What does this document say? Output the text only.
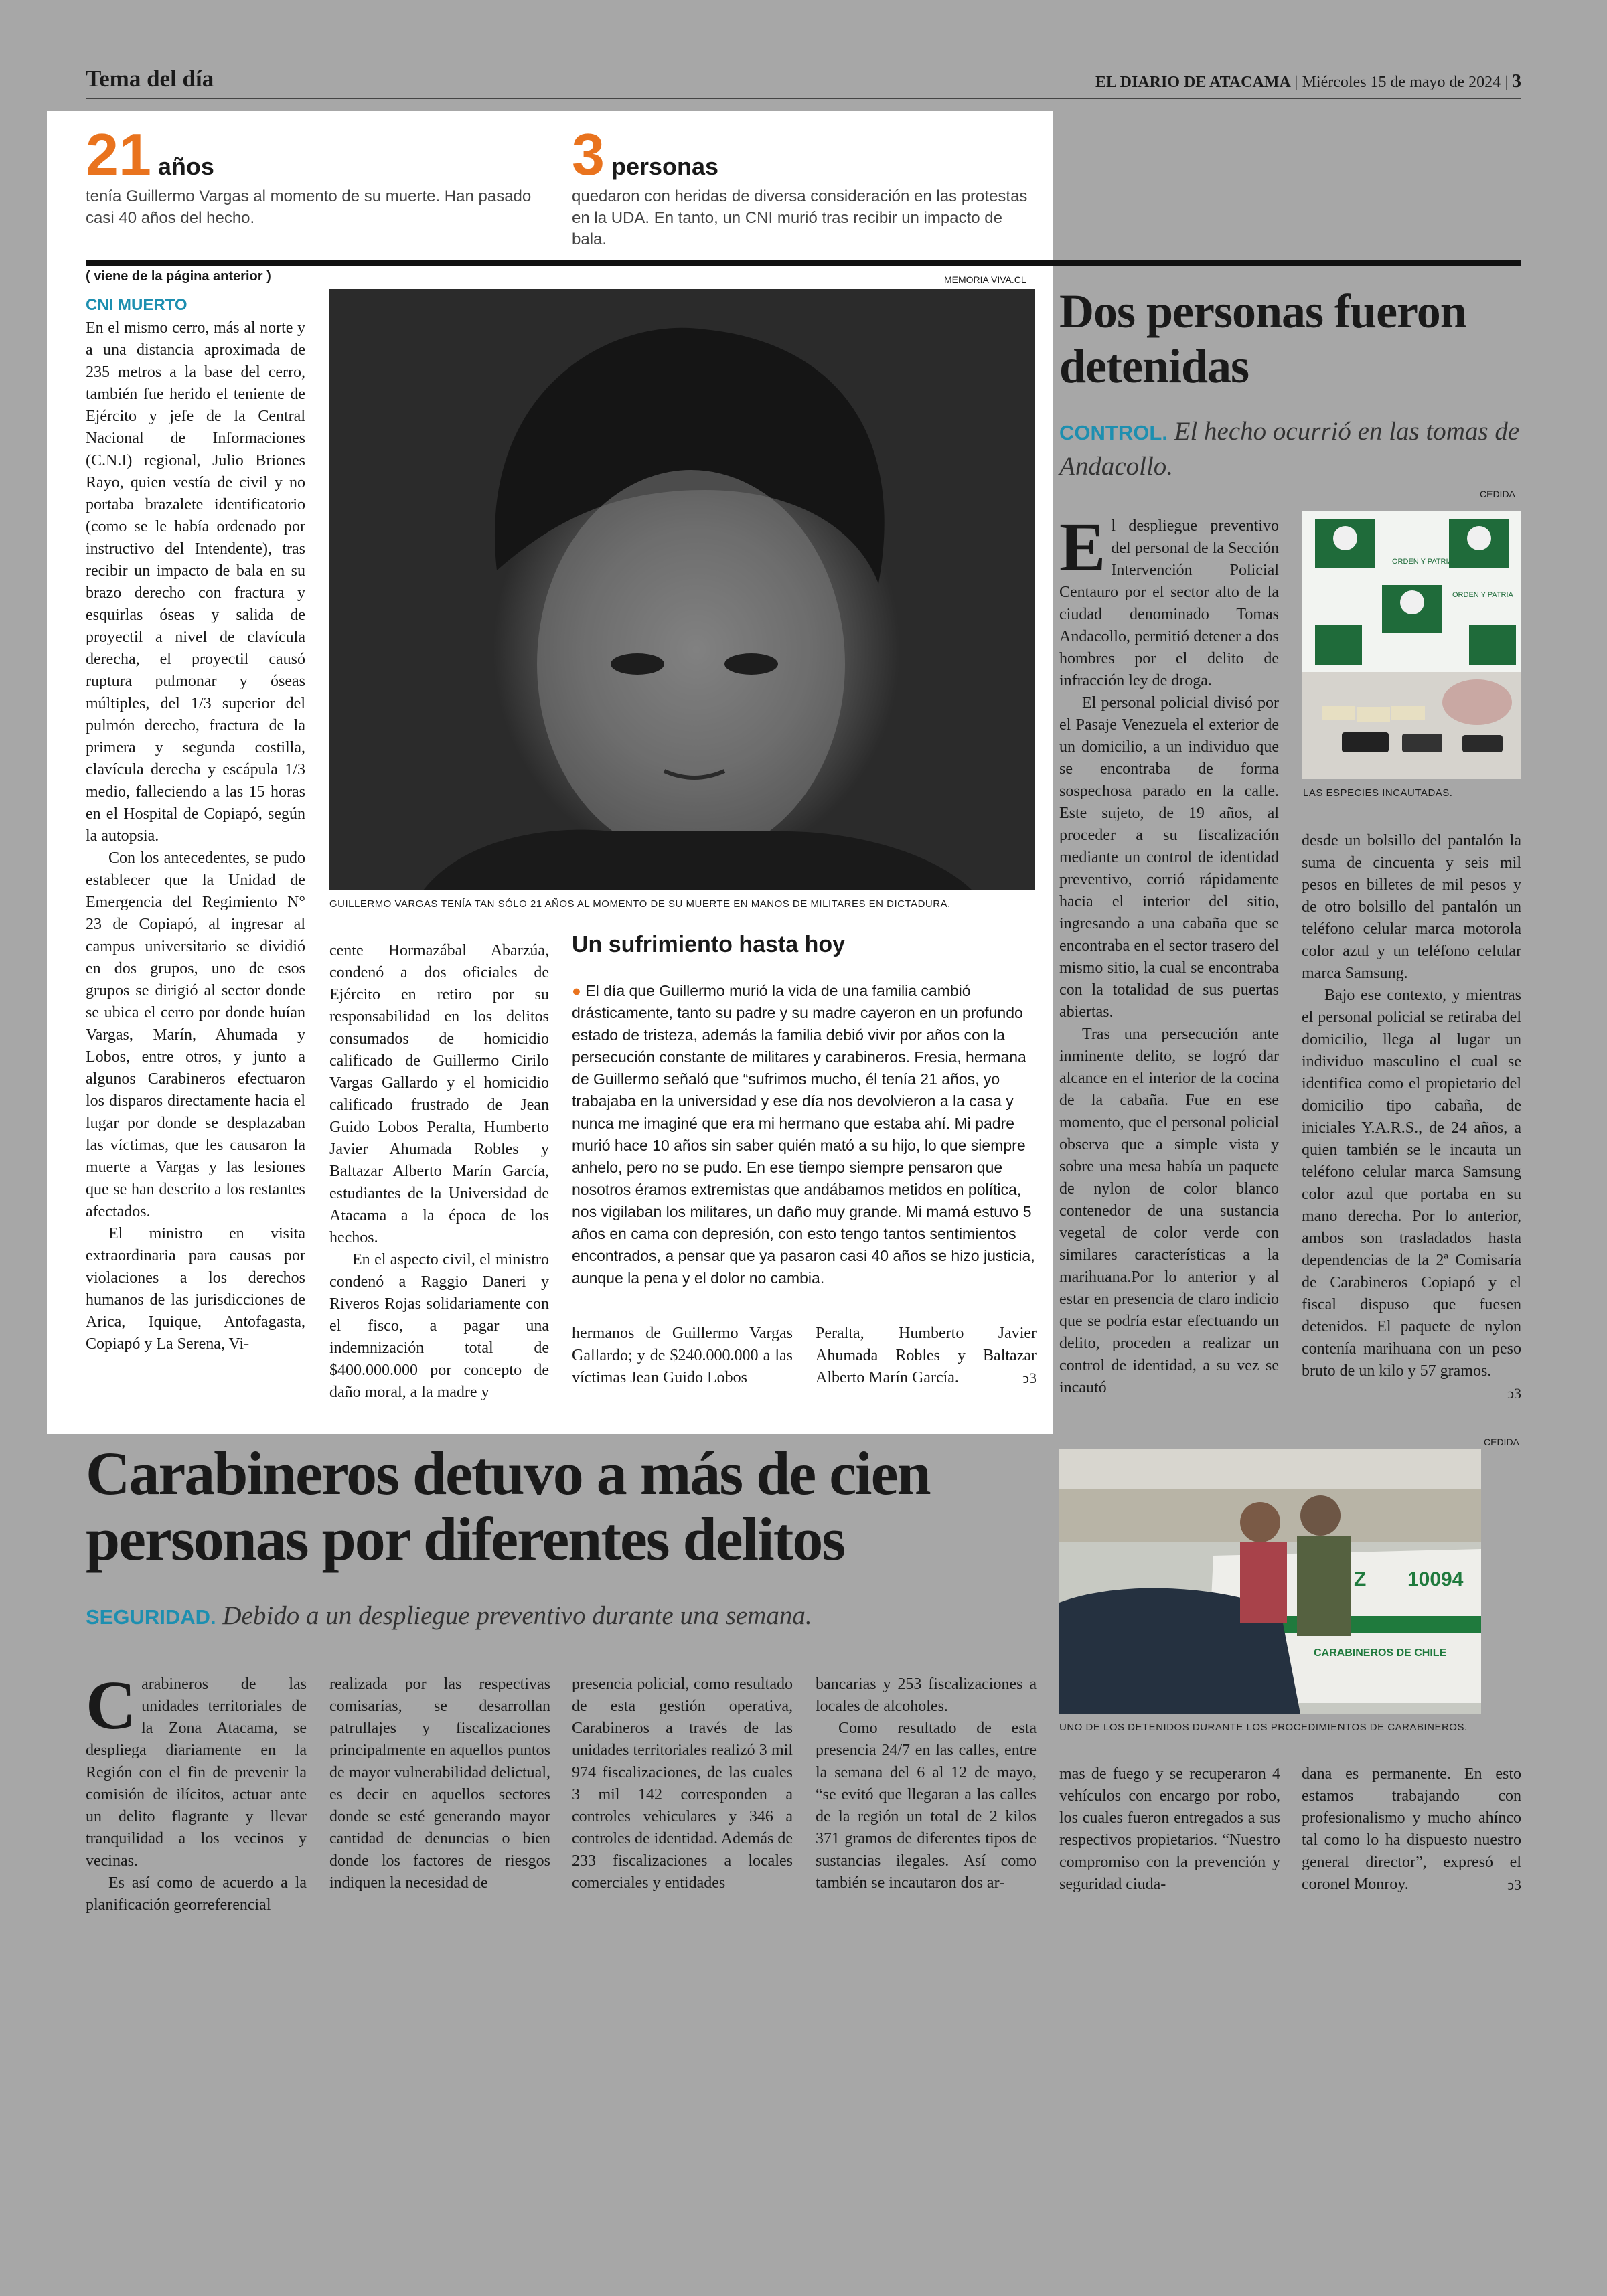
Tema del día	EL DIARIO DE ATACAMA | Miércoles 15 de mayo de 2024 | 3
21 años
tenía Guillermo Vargas al momento de su muerte. Han pasado casi 40 años del hecho.
3 personas
quedaron con heridas de diversa consideración en las protestas en la UDA. En tanto, un CNI murió tras recibir un impacto de bala.
( viene de la página anterior )
CNI MUERTO

En el mismo cerro, más al norte y a una distancia aproximada de 235 metros a la base del cerro, también fue herido el teniente de Ejército y jefe de la Central Nacional de Informaciones (C.N.I) regional, Julio Briones Rayo, quien vestía de civil y no portaba brazalete identificatorio (como se le había ordenado por instructivo del Intendente), tras recibir un impacto de bala en su brazo derecho con fractura y esquirlas óseas y salida de proyectil a nivel de clavícula derecha, el proyectil causó ruptura pulmonar y óseas múltiples, del 1/3 superior del pulmón derecho, fractura de la primera y segunda costilla, clavícula derecha y escápula 1/3 medio, falleciendo a las 15 horas en el Hospital de Copiapó, según la autopsia.

Con los antecedentes, se pudo establecer que la Unidad de Emergencia del Regimiento N° 23 de Copiapó, al ingresar al campus universitario se dividió en dos grupos, uno de esos grupos se dirigió al sector donde se ubica el cerro por donde huían Vargas, Marín, Ahumada y Lobos, entre otros, y junto a algunos Carabineros efectuaron los disparos directamente hacia el lugar por donde se desplazaban las víctimas, que les causaron la muerte a Vargas y las lesiones que se han descrito a los restantes afectados.

El ministro en visita extraordinaria para causas por violaciones a los derechos humanos de las jurisdicciones de Arica, Iquique, Antofagasta, Copiapó y La Serena, Vi-

MEMORIA VIVA.CL
GUILLERMO VARGAS TENÍA TAN SÓLO 21 AÑOS AL MOMENTO DE SU MUERTE EN MANOS DE MILITARES EN DICTADURA.

cente Hormazábal Abarzúa, condenó a dos oficiales de Ejército en retiro por su responsabilidad en los delitos consumados de homicidio calificado de Guillermo Cirilo Vargas Gallardo y el homicidio calificado frustrado de Jean Guido Lobos Peralta, Humberto Javier Ahumada Robles y Baltazar Alberto Marín García, estudiantes de la Universidad de Atacama a la época de los hechos.

En el aspecto civil, el ministro condenó a Raggio Daneri y Riveros Rojas solidariamente con el fisco, a pagar una indemnización total de $400.000.000 por concepto de daño moral, a la madre y

Un sufrimiento hasta hoy
● El día que Guillermo murió la vida de una familia cambió drásticamente, tanto su padre y su madre cayeron en un profundo estado de tristeza, además la familia debió vivir por años con la persecución constante de militares y carabineros. Fresia, hermana de Guillermo señaló que “sufrimos mucho, él tenía 21 años, yo trabajaba en la universidad y ese día nos devolvieron a la casa y nunca me imaginé que era mi hermano que estaba ahí. Mi padre murió hace 10 años sin saber quién mató a su hijo, lo que siempre anhelo, pero no se pudo. En ese tiempo siempre pensaron que nosotros éramos extremistas que andábamos metidos en política, nos vigilaban los militares, un daño muy grande. Mi mamá estuvo 5 años en cama con depresión, con esto tengo tantos sentimientos encontrados, a pensar que ya pasaron casi 40 años se hizo justicia, aunque la pena y el dolor no cambia.

hermanos de Guillermo Vargas Gallardo; y de $240.000.000 a las víctimas Jean Guido Lobos

Peralta, Humberto Javier Ahumada Robles y Baltazar Alberto Marín García.	ↄ3

Dos personas fueron detenidas
CONTROL. El hecho ocurrió en las tomas de Andacollo.
CEDIDA
ORDEN Y PATRIA
ORDEN Y PATRIA
LAS ESPECIES INCAUTADAS.

El despliegue preventivo del personal de la Sección Intervención Policial Centauro por el sector alto de la ciudad denominado Tomas Andacollo, permitió detener a dos hombres por el delito de infracción ley de droga.

El personal policial divisó por el Pasaje Venezuela el exterior de un domicilio, a un individuo que se encontraba de forma sospechosa parado en la calle. Este sujeto, de 19 años, al proceder a su fiscalización mediante un control de identidad preventivo, corrió rápidamente hacia el interior del sitio, ingresando a una cabaña que se encontraba en el sector trasero del mismo sitio, la cual se encontraba con la totalidad de sus puertas abiertas.

Tras una persecución ante inminente delito, se logró dar alcance en el interior de la cocina de la cabaña. Fue en ese momento, que el personal policial observa que a simple vista y sobre una mesa había un paquete de nylon de color blanco contenedor de una sustancia vegetal de color verde con similares características a la marihuana.Por lo anterior y al estar en presencia de claro indicio que se podría estar efectuando un delito, proceden a realizar un control de identidad, a su vez se incautó

desde un bolsillo del pantalón la suma de cincuenta y seis mil pesos en billetes de mil pesos y de otro bolsillo del pantalón un teléfono celular marca motorola color azul y un teléfono celular marca Samsung.

Bajo ese contexto, y mientras el personal policial se retiraba del domicilio, llega al lugar un individuo masculino el cual se identifica como el propietario del domicilio tipo cabaña, de iniciales Y.A.R.S., de 24 años, a quien también se le incauta un teléfono celular marca Samsung color azul que portaba en su mano derecha. Por lo anterior, ambos son trasladados hasta dependencias de la 2ª Comisaría de Carabineros Copiapó y el fiscal dispuso que fuesen detenidos. El paquete de nylon contenía marihuana con un peso bruto de un kilo y 57 gramos.
ↄ3

Carabineros detuvo a más de cien personas por diferentes delitos
SEGURIDAD. Debido a un despliegue preventivo durante una semana.
CEDIDA
10094
Z
CARABINEROS DE CHILE
UNO DE LOS DETENIDOS DURANTE LOS PROCEDIMIENTOS DE CARABINEROS.

Carabineros de las unidades territoriales de la Zona Atacama, se despliega diariamente en la Región con el fin de prevenir la comisión de ilícitos, actuar ante un delito flagrante y llevar tranquilidad a los vecinos y vecinas.

Es así como de acuerdo a la planificación georreferencial

realizada por las respectivas comisarías, se desarrollan patrullajes y fiscalizaciones principalmente en aquellos puntos de mayor vulnerabilidad delictual, es decir en aquellos sectores donde se esté generando mayor cantidad de denuncias o bien donde los factores de riesgos indiquen la necesidad de

presencia policial, como resultado de esta gestión operativa, Carabineros a través de las unidades territoriales realizó 3 mil 974 fiscalizaciones, de las cuales 3 mil 142 corresponden a controles vehiculares y 346 a controles de identidad. Además de 233 fiscalizaciones a locales comerciales y entidades

bancarias y 253 fiscalizaciones a locales de alcoholes.

Como resultado de esta presencia 24/7 en las calles, entre la semana del 6 al 12 de mayo, “se evitó que llegaran a las calles de la región un total de 2 kilos 371 gramos de diferentes tipos de sustancias ilegales. Así como también se incautaron dos ar-

mas de fuego y se recuperaron 4 vehículos con encargo por robo, los cuales fueron entregados a sus respectivos propietarios. “Nuestro compromiso con la prevención y seguridad ciuda-

dana es permanente. En esto estamos trabajando con profesionalismo y mucho ahínco tal como lo ha dispuesto nuestro general director”, expresó el coronel Monroy.	ↄ3
